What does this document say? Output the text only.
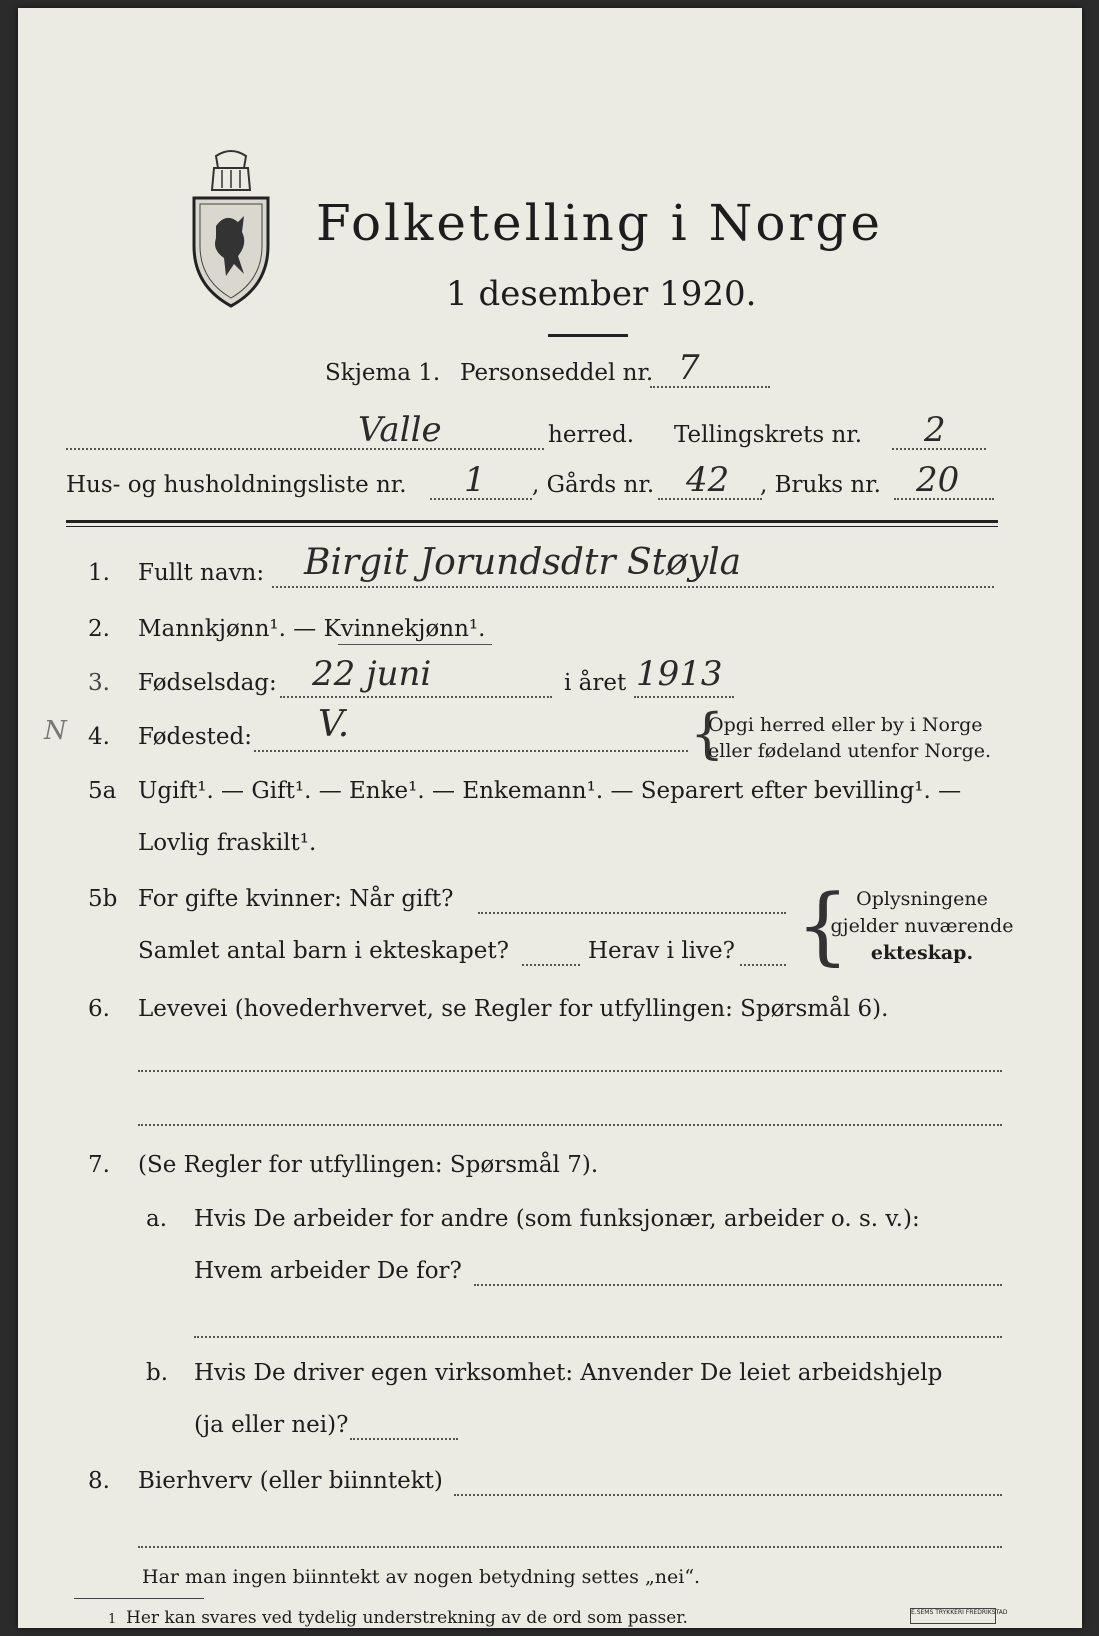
Folketelling i Norge
1 desember 1920.
Skjema 1. Personseddel nr. 7
Valle	herred. Tellingskrets nr. 2
Hus- og husholdningsliste nr. 1 , Gårds nr. 42 , Bruks nr. 20
1. Fullt navn: Birgit Jorundsdtr Støyla
2. Mannkjønn¹. — Kvinnekjønn¹.
3. Fødselsdag: 22 juni	i året 1913
N 4. Fødested: V.	{
Opgi herred eller by i Norge
eller fødeland utenfor Norge.
5a Ugift¹. — Gift¹. — Enke¹. — Enkemann¹. — Separert efter bevilling¹. —
Lovlig fraskilt¹.
5b For gifte kvinner: Når gift?
Samlet antal barn i ekteskapet?	Herav i live? { Oplysningene
gjelder nuværende
ekteskap.
6. Levevei (hovederhvervet, se Regler for utfyllingen: Spørsmål 6).
7. (Se Regler for utfyllingen: Spørsmål 7).
a. Hvis De arbeider for andre (som funksjonær, arbeider o. s. v.):
Hvem arbeider De for?
b. Hvis De driver egen virksomhet: Anvender De leiet arbeidshjelp
(ja eller nei)?
8. Bierhverv (eller biinntekt)
Har man ingen biinntekt av nogen betydning settes „nei“.
1 Her kan svares ved tydelig understrekning av de ord som passer.	E.SEMS TRYKKERI FREDRIKSTAD
